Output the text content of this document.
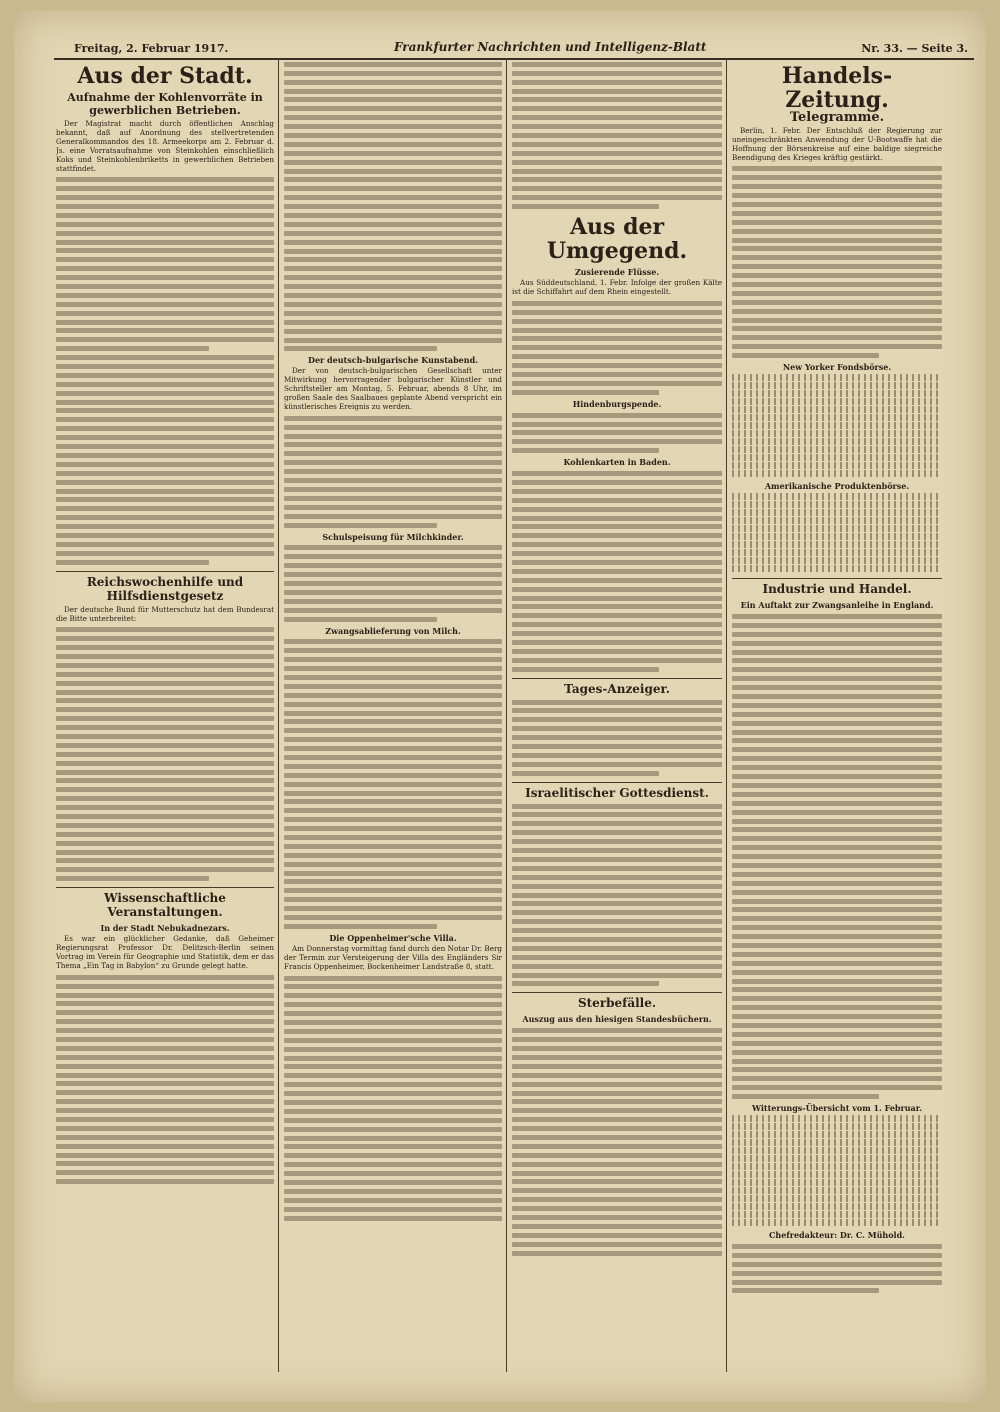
Freitag, 2. Februar 1917.	Frankfurter Nachrichten und Intelligenz-Blatt	Nr. 33. — Seite 3.
Aus der Stadt.
Aufnahme der Kohlenvorräte in gewerblichen Betrieben.

Der Magistrat macht durch öffentlichen Anschlag bekannt, daß auf Anordnung des stellvertretenden Generalkommandos des 18. Armeekorps am 2. Februar d. Js. eine Vorratsaufnahme von Steinkohlen einschließlich Koks und Steinkohlenbriketts in gewerblichen Betrieben stattfindet.

Reichswochenhilfe und Hilfsdienstgesetz

Der deutsche Bund für Mutterschutz hat dem Bundesrat die Bitte unterbreitet:

Wissenschaftliche Veranstaltungen.
In der Stadt Nebukadnezars.

Es war ein glücklicher Gedanke, daß Geheimer Regierungsrat Professor Dr. Delitzsch-Berlin seinen Vortrag im Verein für Geographie und Statistik, dem er das Thema „Ein Tag in Babylon“ zu Grunde gelegt hatte.

Der deutsch-bulgarische Kunstabend.

Der von deutsch-bulgarischen Gesellschaft unter Mitwirkung hervorragender bulgarischer Künstler und Schriftsteller am Montag, 5. Februar, abends 8 Uhr, im großen Saale des Saalbaues geplante Abend verspricht ein künstlerisches Ereignis zu werden.

Schulspeisung für Milchkinder.
Zwangsablieferung von Milch.
Die Oppenheimer'sche Villa.

Am Donnerstag vormittag fand durch den Notar Dr. Berg der Termin zur Versteigerung der Villa des Engländers Sir Francis Oppenheimer, Bockenheimer Landstraße 8, statt.

Aus der Umgegend.
Zusierende Flüsse.

Aus Süddeutschland, 1. Febr. Infolge der großen Kälte ist die Schiffahrt auf dem Rhein eingestellt.

Hindenburgspende.
Kohlenkarten in Baden.
Tages-Anzeiger.
Israelitischer Gottesdienst.
Sterbefälle.
Auszug aus den hiesigen Standesbüchern.
Handels-Zeitung.
Telegramme.

Berlin, 1. Febr. Der Entschluß der Regierung zur uneingeschränkten Anwendung der U-Bootwaffe hat die Hoffnung der Börsenkreise auf eine baldige siegreiche Beendigung des Krieges kräftig gestärkt.

New Yorker Fondsbörse.
Amerikanische Produktenbörse.
Industrie und Handel.
Ein Auftakt zur Zwangsanleihe in England.
Witterungs-Übersicht vom 1. Februar.
Chefredakteur: Dr. C. Mühold.
